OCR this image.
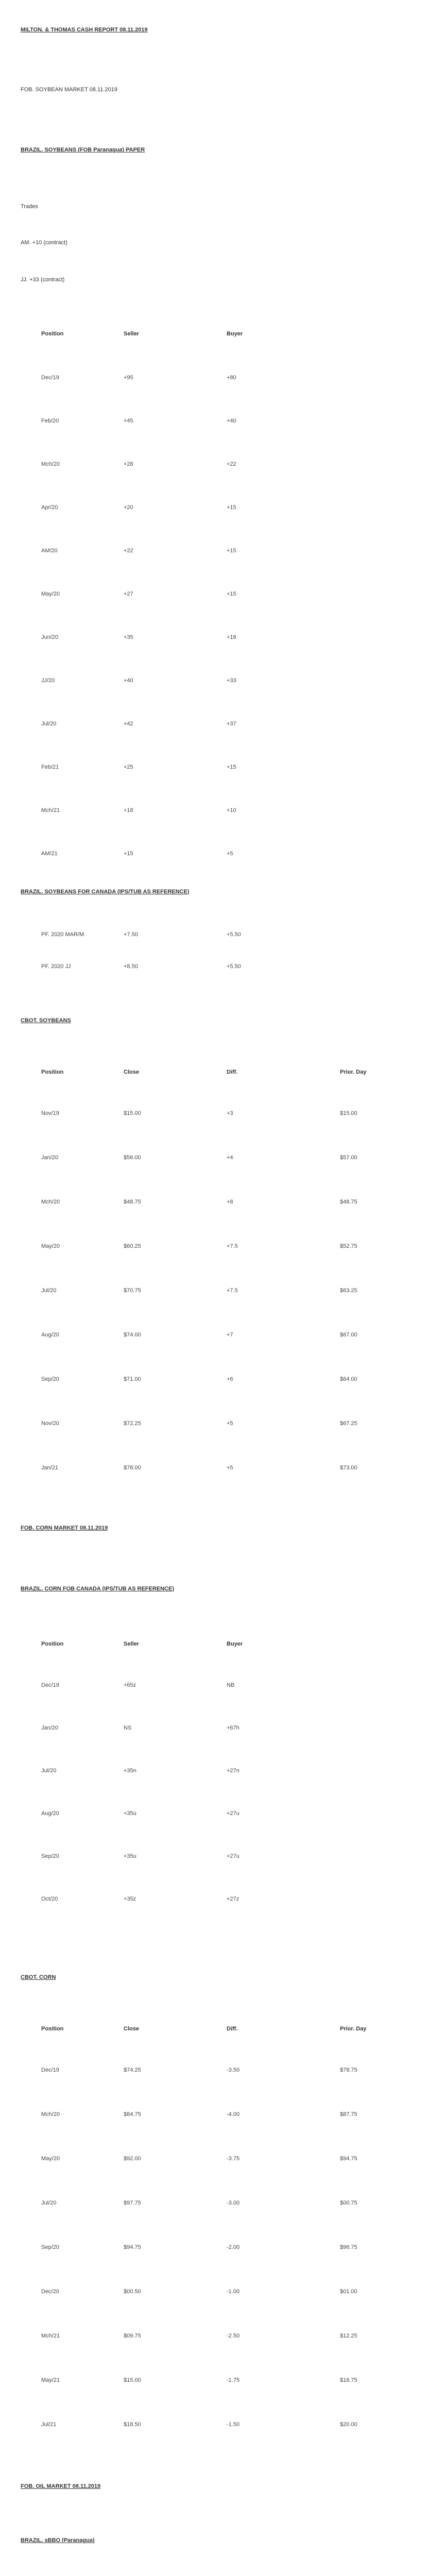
MILTON. & THOMAS CASH REPORT 08.11.2019
FOB. SOYBEAN MARKET 08.11.2019
BRAZIL. SOYBEANS (FOB Paranagua) PAPER
Trades
AM. +10 (contract)
JJ. +33 (contract)
Position	Seller	Buyer
Dec/19	+95	+80
Feb/20	+45	+40
Mch/20	+28	+22
Apr/20	+20	+15
AM/20	+22	+15
May/20	+27	+15
Jun/20	+35	+18
JJ/20	+40	+33
Jul/20	+42	+37
Feb/21	+25	+15
Mch/21	+18	+10
AM/21	+15	+5
BRAZIL. SOYBEANS FOR CANADA (IPS/TUB AS REFERENCE)
PF. 2020 MAR/M	+7.50	+5.50
PF. 2020 JJ	+8.50	+5.50
CBOT. SOYBEANS
Position	Close	Diff.	Prior. Day
Nov/19	$15.00	+3	$15.00
Jan/20	$56.00	+4	$57.00
Mch/20	$48.75	+8	$48.75
May/20	$60.25	+7.5	$52.75
Jul/20	$70.75	+7.5	$63.25
Aug/20	$74.00	+7	$67.00
Sep/20	$71.00	+6	$64.00
Nov/20	$72.25	+5	$67.25
Jan/21	$78.00	+5	$73.00
FOB. CORN MARKET 08.11.2019
BRAZIL. CORN FOB CANADA (IPS/TUB AS REFERENCE)
Position	Seller	Buyer
Dec/19	+65z	NB
Jan/20	NS	+67h
Jul/20	+35n	+27n
Aug/20	+35u	+27u
Sep/20	+35u	+27u
Oct/20	+35z	+27z
CBOT. CORN
Position	Close	Diff.	Prior. Day
Dec/19	$74.25	-3.50	$78.75
Mch/20	$84.75	-4.00	$87.75
May/20	$92.00	-3.75	$94.75
Jul/20	$97.75	-3.00	$00.75
Sep/20	$94.75	-2.00	$96.75
Dec/20	$00.50	-1.00	$01.00
Mch/21	$09.75	-2.50	$12.25
May/21	$15.00	-1.75	$16.75
Jul/21	$18.50	-1.50	$20.00
FOB. OIL MARKET 08.11.2019
BRAZIL. sBBO (Paranagua)
